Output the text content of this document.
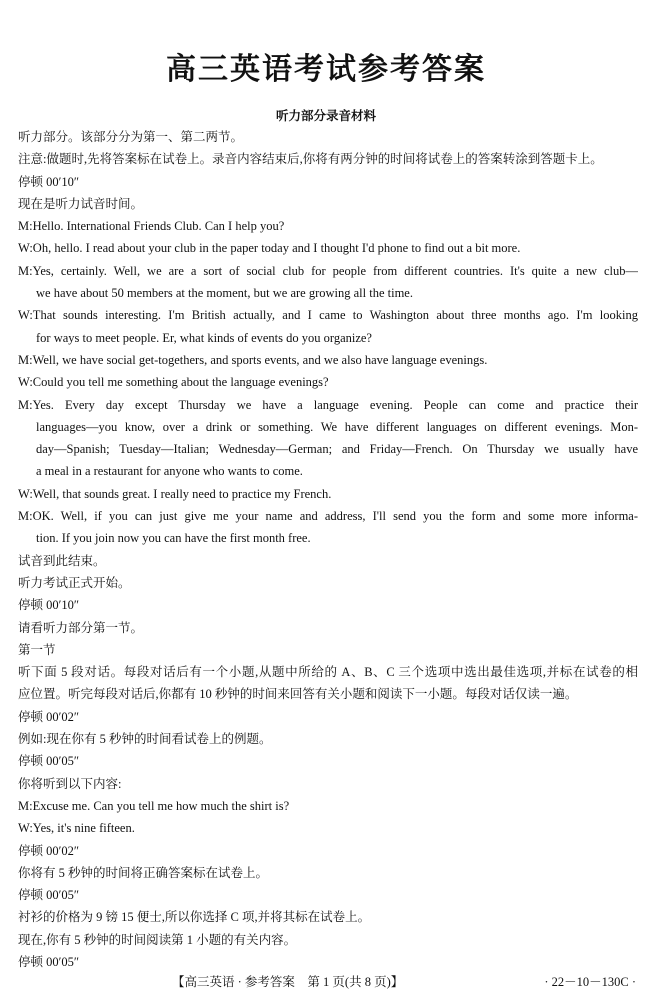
高三英语考试参考答案
听力部分录音材料
听力部分。该部分分为第一、第二两节。
注意:做题时,先将答案标在试卷上。录音内容结束后,你将有两分钟的时间将试卷上的答案转涂到答题卡上。
停顿 00′10″
现在是听力试音时间。
M:Hello. International Friends Club. Can I help you?
W:Oh, hello. I read about your club in the paper today and I thought I'd phone to find out a bit more.
M:Yes, certainly. Well, we are a sort of social club for people from different countries. It's quite a new club—
we have about 50 members at the moment, but we are growing all the time.
W:That sounds interesting. I'm British actually, and I came to Washington about three months ago. I'm looking
for ways to meet people. Er, what kinds of events do you organize?
M:Well, we have social get-togethers, and sports events, and we also have language evenings.
W:Could you tell me something about the language evenings?
M:Yes. Every day except Thursday we have a language evening. People can come and practice their
languages—you know, over a drink or something. We have different languages on different evenings. Mon-
day—Spanish; Tuesday—Italian; Wednesday—German; and Friday—French. On Thursday we usually have
a meal in a restaurant for anyone who wants to come.
W:Well, that sounds great. I really need to practice my French.
M:OK. Well, if you can just give me your name and address, I'll send you the form and some more informa-
tion. If you join now you can have the first month free.
试音到此结束。
听力考试正式开始。
停顿 00′10″
请看听力部分第一节。
第一节
听下面 5 段对话。每段对话后有一个小题,从题中所给的 A、B、C 三个选项中选出最佳选项,并标在试卷的相
应位置。听完每段对话后,你都有 10 秒钟的时间来回答有关小题和阅读下一小题。每段对话仅读一遍。
停顿 00′02″
例如:现在你有 5 秒钟的时间看试卷上的例题。
停顿 00′05″
你将听到以下内容:
M:Excuse me. Can you tell me how much the shirt is?
W:Yes, it's nine fifteen.
停顿 00′02″
你将有 5 秒钟的时间将正确答案标在试卷上。
停顿 00′05″
衬衫的价格为 9 镑 15 便士,所以你选择 C 项,并将其标在试卷上。
现在,你有 5 秒钟的时间阅读第 1 小题的有关内容。
停顿 00′05″
【高三英语 · 参考答案　第 1 页(共 8 页)】	· 22－10－130C ·
